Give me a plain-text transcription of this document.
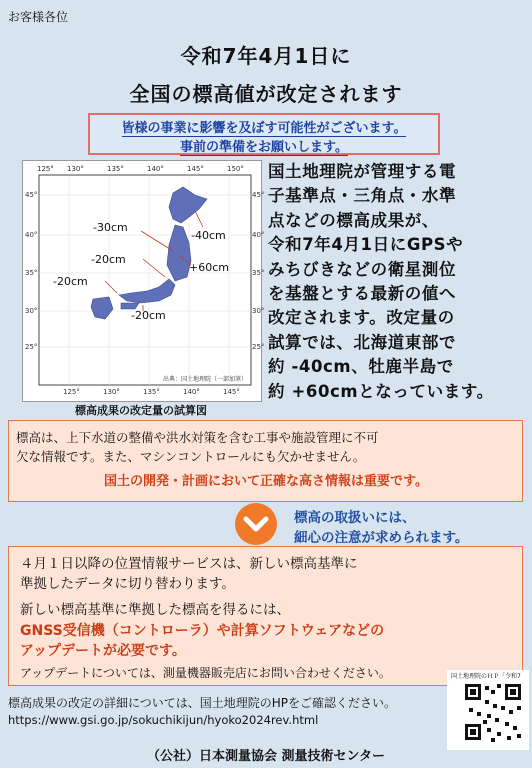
お客様各位
令和7年4月1日に
全国の標高値が改定されます
皆様の事業に影響を及ぼす可能性がございます。
事前の準備をお願いします。
125° 130°	135°	140°	145°	150°
125°	130°	135°	140°	145°
45°
40°
35°
30°
25°
45°
40°
35°
30°
25°
-30cm
-40cm
-20cm
+60cm
-20cm
-20cm
出典：国土地理院（一部加筆）
標高成果の改定量の試算図
国土地理院が管理する電
子基準点・三角点・水準
点などの標高成果が、
令和7年4月1日にGPSや
みちびきなどの衛星測位
を基盤とする最新の値へ
改定されます。改定量の
試算では、北海道東部で
約 -40cm、牡鹿半島で
約 +60cmとなっています。
標高は、上下水道の整備や洪水対策を含む工事や施設管理に不可
欠な情報です。また、マシンコントロールにも欠かせません。
国土の開発・計画において正確な高さ情報は重要です。
標高の取扱いには、
細心の注意が求められます。
４月１日以降の位置情報サービスは、新しい標高基準に
準拠したデータに切り替わります。
新しい標高基準に準拠した標高を得るには、
GNSS受信機（コントローラ）や計算ソフトウェアなどの
アップデートが必要です。
アップデートについては、測量機器販売店にお問い合わせください。
標高成果の改定の詳細については、国土地理院のHPをご確認ください。
https://www.gsi.go.jp/sokuchikijun/hyoko2024rev.html
国土地理院のＨＰ「令和7
（公社）日本測量協会 測量技術センター
